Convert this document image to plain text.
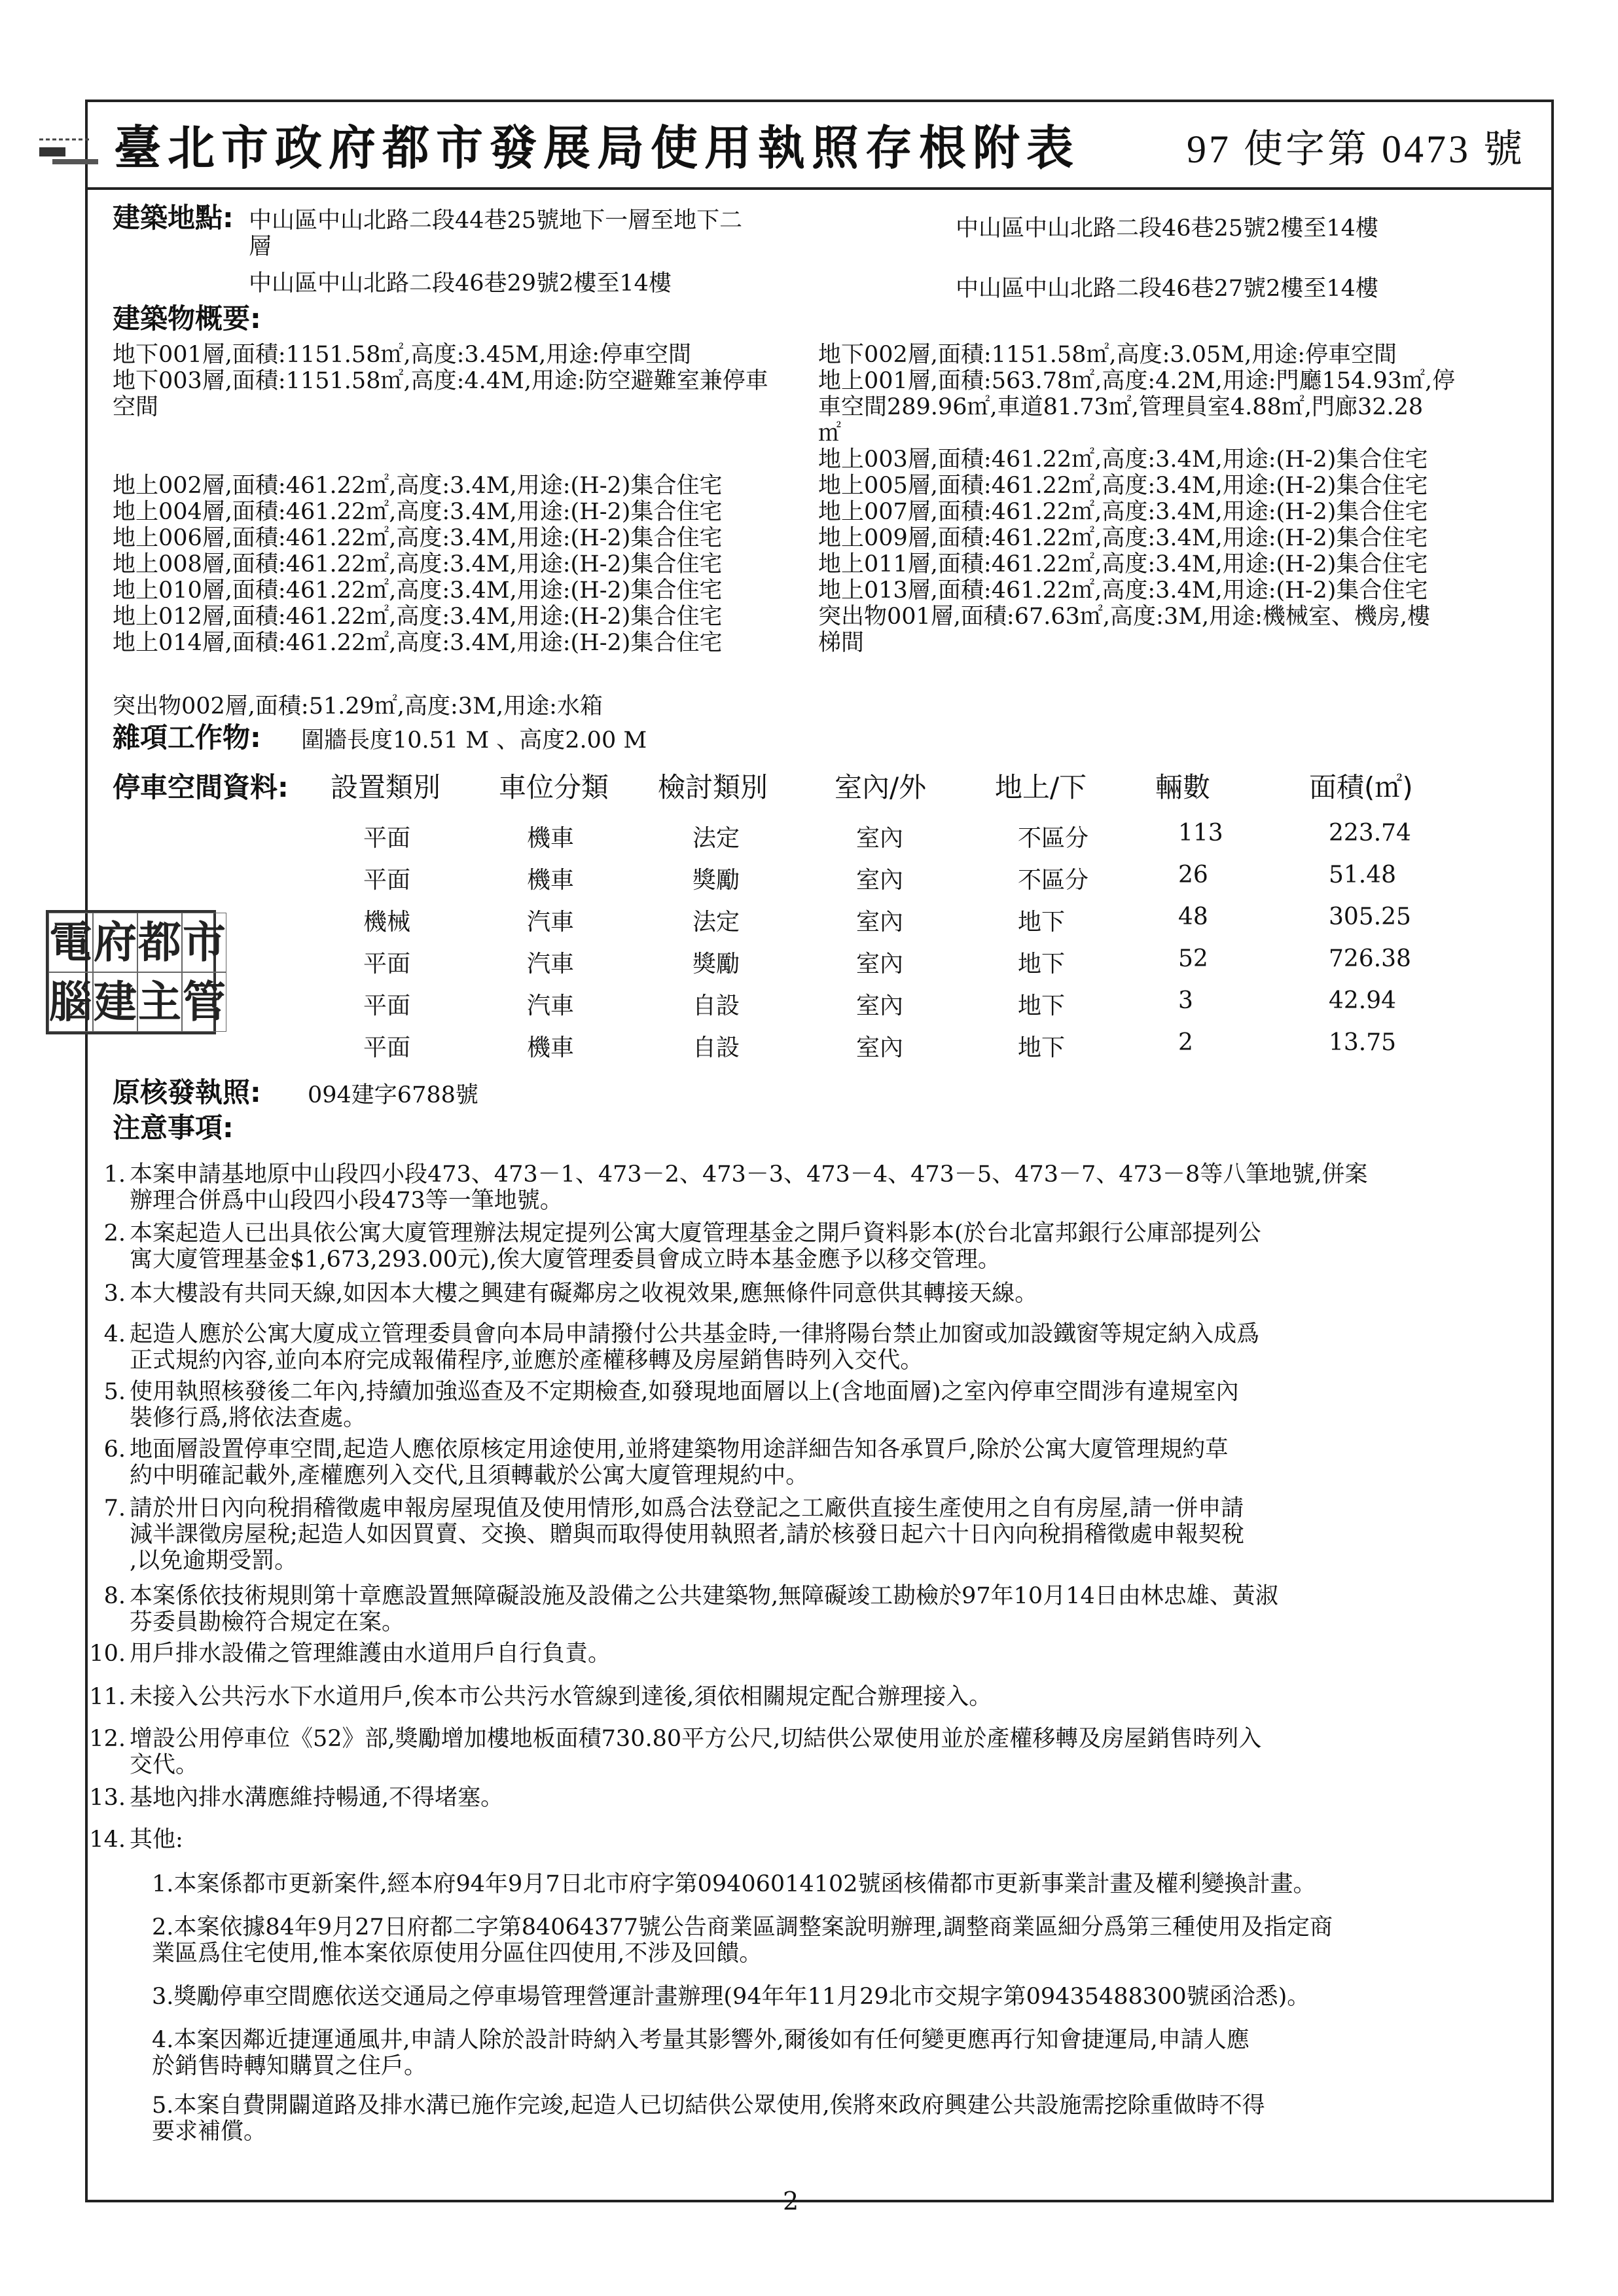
臺北市政府都市發展局使用執照存根附表	97 使字第 0473 號
建築地點: 中山區中山北路二段44巷25號地下一層至地下二
層
中山區中山北路二段46巷25號2樓至14樓
中山區中山北路二段46巷29號2樓至14樓	中山區中山北路二段46巷27號2樓至14樓
建築物概要:
地下001層,面積:1151.58㎡,高度:3.45M,用途:停車空間
地下003層,面積:1151.58㎡,高度:4.4M,用途:防空避難室兼停車
空間
地上002層,面積:461.22㎡,高度:3.4M,用途:(H-2)集合住宅
地上004層,面積:461.22㎡,高度:3.4M,用途:(H-2)集合住宅
地上006層,面積:461.22㎡,高度:3.4M,用途:(H-2)集合住宅
地上008層,面積:461.22㎡,高度:3.4M,用途:(H-2)集合住宅
地上010層,面積:461.22㎡,高度:3.4M,用途:(H-2)集合住宅
地上012層,面積:461.22㎡,高度:3.4M,用途:(H-2)集合住宅
地上014層,面積:461.22㎡,高度:3.4M,用途:(H-2)集合住宅
地下002層,面積:1151.58㎡,高度:3.05M,用途:停車空間
地上001層,面積:563.78㎡,高度:4.2M,用途:門廳154.93㎡,停
車空間289.96㎡,車道81.73㎡,管理員室4.88㎡,門廊32.28
㎡
地上003層,面積:461.22㎡,高度:3.4M,用途:(H-2)集合住宅
地上005層,面積:461.22㎡,高度:3.4M,用途:(H-2)集合住宅
地上007層,面積:461.22㎡,高度:3.4M,用途:(H-2)集合住宅
地上009層,面積:461.22㎡,高度:3.4M,用途:(H-2)集合住宅
地上011層,面積:461.22㎡,高度:3.4M,用途:(H-2)集合住宅
地上013層,面積:461.22㎡,高度:3.4M,用途:(H-2)集合住宅
突出物001層,面積:67.63㎡,高度:3M,用途:機械室、機房,樓
梯間
突出物002層,面積:51.29㎡,高度:3M,用途:水箱
雜項工作物: 圍牆長度10.51 M 、高度2.00 M
停車空間資料: 設置類別 車位分類 檢討類別 室內/外 地上/下 輛數	面積(㎡)
平面	機車	法定	室內	不區分	113	223.74
平面	機車	獎勵	室內	不區分	26	51.48
機械	汽車	法定	室內	地下	48	305.25
平面	汽車	獎勵	室內	地下	52	726.38
平面	汽車	自設	室內	地下	3	42.94
平面	機車	自設	室內	地下	2	13.75
電 府 都 市
腦 建 主 管
原核發執照: 094建字6788號
注意事項:
1. 本案申請基地原中山段四小段473、473－1、473－2、473－3、473－4、473－5、473－7、473－8等八筆地號,併案
辦理合併爲中山段四小段473等一筆地號。
2. 本案起造人已出具依公寓大廈管理辦法規定提列公寓大廈管理基金之開戶資料影本(於台北富邦銀行公庫部提列公
寓大廈管理基金$1,673,293.00元),俟大廈管理委員會成立時本基金應予以移交管理。
3. 本大樓設有共同天線,如因本大樓之興建有礙鄰房之收視效果,應無條件同意供其轉接天線。
4. 起造人應於公寓大廈成立管理委員會向本局申請撥付公共基金時,一律將陽台禁止加窗或加設鐵窗等規定納入成爲
正式規約內容,並向本府完成報備程序,並應於產權移轉及房屋銷售時列入交代。
5. 使用執照核發後二年內,持續加強巡查及不定期檢查,如發現地面層以上(含地面層)之室內停車空間涉有違規室內
裝修行爲,將依法查處。
6. 地面層設置停車空間,起造人應依原核定用途使用,並將建築物用途詳細告知各承買戶,除於公寓大廈管理規約草
約中明確記載外,產權應列入交代,且須轉載於公寓大廈管理規約中。
7. 請於卅日內向稅捐稽徵處申報房屋現值及使用情形,如爲合法登記之工廠供直接生產使用之自有房屋,請一併申請
減半課徵房屋稅;起造人如因買賣、交換、贈與而取得使用執照者,請於核發日起六十日內向稅捐稽徵處申報契稅
,以免逾期受罰。
8. 本案係依技術規則第十章應設置無障礙設施及設備之公共建築物,無障礙竣工勘檢於97年10月14日由林忠雄、黃淑
芬委員勘檢符合規定在案。
10. 用戶排水設備之管理維護由水道用戶自行負責。
11. 未接入公共污水下水道用戶,俟本市公共污水管線到達後,須依相關規定配合辦理接入。
12. 增設公用停車位《52》部,獎勵增加樓地板面積730.80平方公尺,切結供公眾使用並於產權移轉及房屋銷售時列入
交代。
13. 基地內排水溝應維持暢通,不得堵塞。
14. 其他:
1.本案係都市更新案件,經本府94年9月7日北市府字第09406014102號函核備都市更新事業計畫及權利變換計畫。
2.本案依據84年9月27日府都二字第84064377號公告商業區調整案說明辦理,調整商業區細分爲第三種使用及指定商
業區爲住宅使用,惟本案依原使用分區住四使用,不涉及回饋。
3.獎勵停車空間應依送交通局之停車場管理營運計畫辦理(94年年11月29北市交規字第09435488300號函洽悉)。
4.本案因鄰近捷運通風井,申請人除於設計時納入考量其影響外,爾後如有任何變更應再行知會捷運局,申請人應
於銷售時轉知購買之住戶。
5.本案自費開闢道路及排水溝已施作完竣,起造人已切結供公眾使用,俟將來政府興建公共設施需挖除重做時不得
要求補償。
2
